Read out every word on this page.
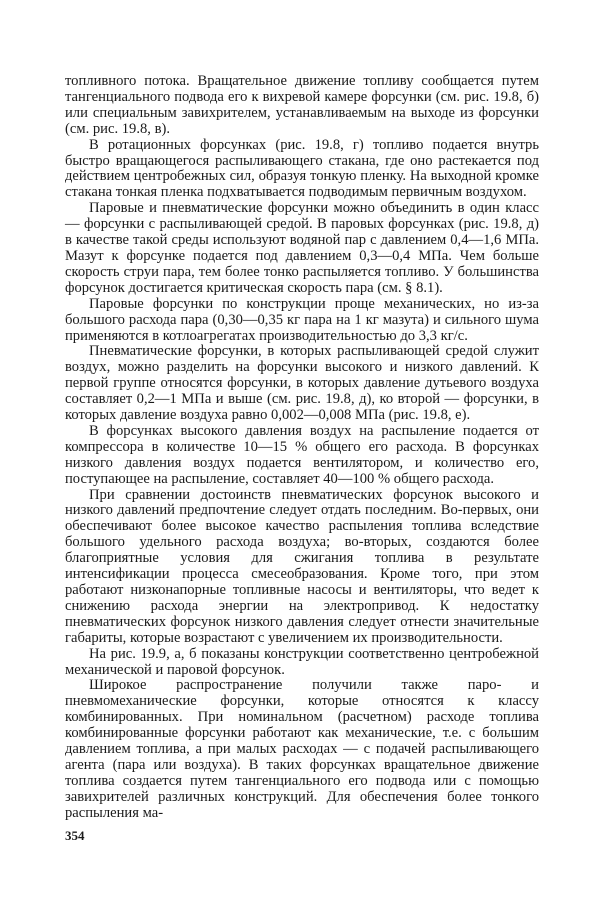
топливного потока. Вращательное движение топливу сообщается путем тангенциального подвода его к вихревой камере форсунки (см. рис. 19.8, б) или специальным завихрителем, устанавливаемым на выходе из форсунки (см. рис. 19.8, в).

В ротационных форсунках (рис. 19.8, г) топливо подается внутрь быстро вращающегося распыливающего стакана, где оно растекается под действием центробежных сил, образуя тонкую пленку. На выходной кромке стакана тонкая пленка подхватывается подводимым первичным воздухом.

Паровые и пневматические форсунки можно объединить в один класс — форсунки с распыливающей средой. В паровых форсунках (рис. 19.8, д) в качестве такой среды используют водяной пар с давлением 0,4—1,6 МПа. Мазут к форсунке подается под давлением 0,3—0,4 МПа. Чем больше скорость струи пара, тем более тонко распыляется топливо. У большинства форсунок достигается критическая скорость пара (см. § 8.1).

Паровые форсунки по конструкции проще механических, но из-за большого расхода пара (0,30—0,35 кг пара на 1 кг мазута) и сильного шума применяются в котлоагрегатах производительностью до 3,3 кг/с.

Пневматические форсунки, в которых распыливающей средой служит воздух, можно разделить на форсунки высокого и низкого давлений. К первой группе относятся форсунки, в которых давление дутьевого воздуха составляет 0,2—1 МПа и выше (см. рис. 19.8, д), ко второй — форсунки, в которых давление воздуха равно 0,002—0,008 МПа (рис. 19.8, е).

В форсунках высокого давления воздух на распыление подается от компрессора в количестве 10—15 % общего его расхода. В форсунках низкого давления воздух подается вентилятором, и количество его, поступающее на распыление, составляет 40—100 % общего расхода.

При сравнении достоинств пневматических форсунок высокого и низкого давлений предпочтение следует отдать последним. Во-первых, они обеспечивают более высокое качество распыления топлива вследствие большого удельного расхода воздуха; во-вторых, создаются более благоприятные условия для сжигания топлива в результате интенсификации процесса смесеобразования. Кроме того, при этом работают низконапорные топливные насосы и вентиляторы, что ведет к снижению расхода энергии на электропривод. К недостатку пневматических форсунок низкого давления следует отнести значительные габариты, которые возрастают с увеличением их производительности.

На рис. 19.9, а, б показаны конструкции соответственно центробежной механической и паровой форсунок.

Широкое распространение получили также паро- и пневмомеханические форсунки, которые относятся к классу комбинированных. При номинальном (расчетном) расходе топлива комбинированные форсунки работают как механические, т.е. с большим давлением топлива, а при малых расходах — с подачей распыливающего агента (пара или воздуха). В таких форсунках вращательное движение топлива создается путем тангенциального его подвода или с помощью завихрителей различных конструкций. Для обеспечения более тонкого распыления ма-

354
